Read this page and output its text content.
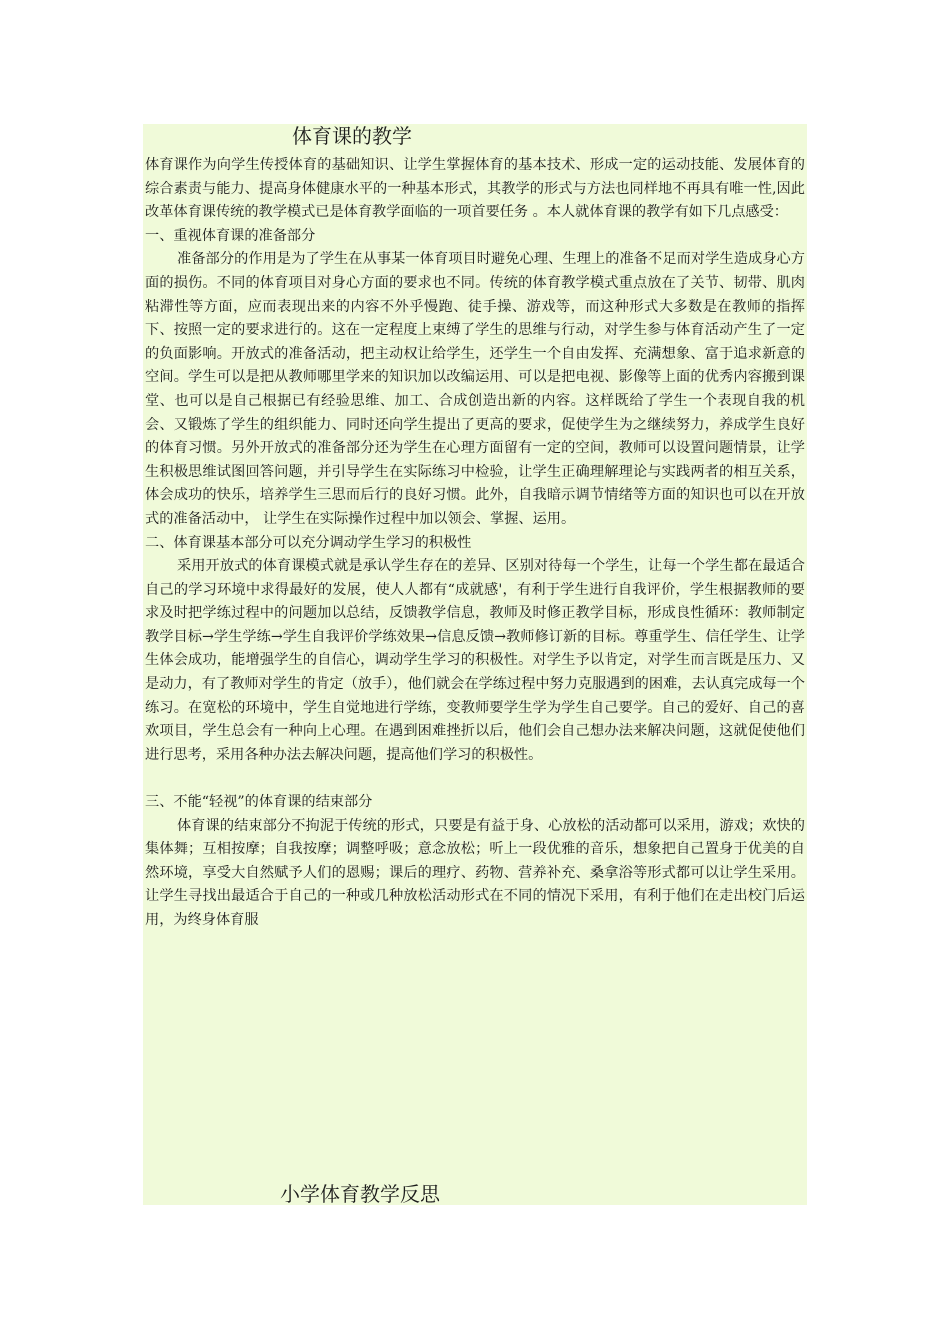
体育课的教学

体育课作为向学生传授体育的基础知识、让学生掌握体育的基本技术、形成一定的运动技能、发展体育的综合素责与能力、提高身体健康水平的一种基本形式，其教学的形式与方法也同样地不再具有唯一性,因此改革体育课传统的教学模式已是体育教学面临的一项首要任务 。本人就体育课的教学有如下几点感受：

一、重视体育课的准备部分

准备部分的作用是为了学生在从事某一体育项目时避免心理、生理上的准备不足而对学生造成身心方面的损伤。不同的体育项目对身心方面的要求也不同。传统的体育教学模式重点放在了关节、韧带、肌肉粘滞性等方面，应而表现出来的内容不外乎慢跑、徒手操、游戏等，而这种形式大多数是在教师的指挥下、按照一定的要求进行的。这在一定程度上束缚了学生的思维与行动，对学生参与体育活动产生了一定的负面影响。开放式的准备活动，把主动权让给学生，还学生一个自由发挥、充满想象、富于追求新意的空间。学生可以是把从教师哪里学来的知识加以改编运用、可以是把电视、影像等上面的优秀内容搬到课堂、也可以是自己根据已有经验思维、加工、合成创造出新的内容。这样既给了学生一个表现自我的机会、又锻炼了学生的组织能力、同时还向学生提出了更高的要求，促使学生为之继续努力，养成学生良好的体育习惯。另外开放式的准备部分还为学生在心理方面留有一定的空间，教师可以设置问题情景，让学生积极思维试图回答问题，并引导学生在实际练习中检验，让学生正确理解理论与实践两者的相互关系，体会成功的快乐，培养学生三思而后行的良好习惯。此外，自我暗示调节情绪等方面的知识也可以在开放式的准备活动中， 让学生在实际操作过程中加以领会、掌握、运用。

二、体育课基本部分可以充分调动学生学习的积极性

采用开放式的体育课模式就是承认学生存在的差异、区别对待每一个学生，让每一个学生都在最适合自己的学习环境中求得最好的发展，使人人都有“成就感'，有利于学生进行自我评价，学生根据教师的要求及时把学练过程中的问题加以总结，反馈教学信息，教师及时修正教学目标，形成良性循环：教师制定教学目标→学生学练→学生自我评价学练效果→信息反馈→教师修订新的目标。尊重学生、信任学生、让学生体会成功，能增强学生的自信心，调动学生学习的积极性。对学生予以肯定，对学生而言既是压力、又是动力，有了教师对学生的肯定（放手），他们就会在学练过程中努力克服遇到的困难，去认真完成每一个练习。在宽松的环境中，学生自觉地进行学练，变教师要学生学为学生自己要学。自己的爱好、自己的喜欢项目，学生总会有一种向上心理。在遇到困难挫折以后，他们会自己想办法来解决问题，这就促使他们进行思考，采用各种办法去解决问题，提高他们学习的积极性。

三、不能“轻视”的体育课的结束部分

体育课的结束部分不拘泥于传统的形式，只要是有益于身、心放松的活动都可以采用，游戏；欢快的集体舞；互相按摩；自我按摩；调整呼吸；意念放松；听上一段优雅的音乐，想象把自己置身于优美的自然环境，享受大自然赋予人们的恩赐；课后的理疗、药物、营养补充、桑拿浴等形式都可以让学生采用。让学生寻找出最适合于自己的一种或几种放松活动形式在不同的情况下采用，有利于他们在走出校门后运用，为终身体育服

小学体育教学反思
